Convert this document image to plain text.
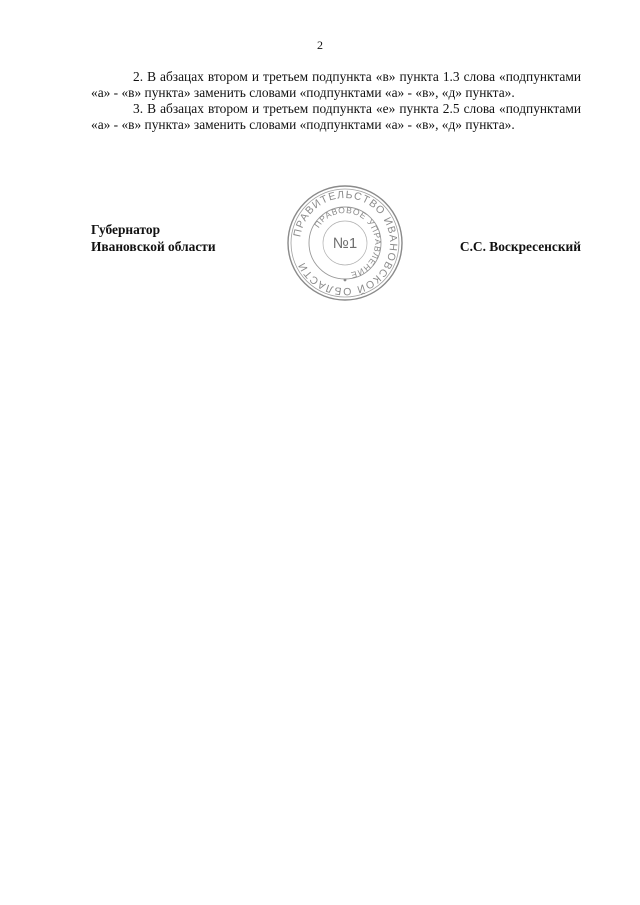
2

2. В абзацах втором и третьем подпункта «в» пункта 1.3 слова «подпунктами «а» - «в» пункта» заменить словами «подпунктами «а» - «в», «д» пункта».

3. В абзацах втором и третьем подпункта «е» пункта 2.5 слова «подпунктами «а» - «в» пункта» заменить словами «подпунктами «а» - «в», «д» пункта».

Губернатор
Ивановской области	С.С. Воскресенский
ПРАВИТЕЛЬСТВО ИВАНОВСКОЙ ОБЛАСТИ
ПРАВОВОЕ УПРАВЛЕНИЕ
№1
